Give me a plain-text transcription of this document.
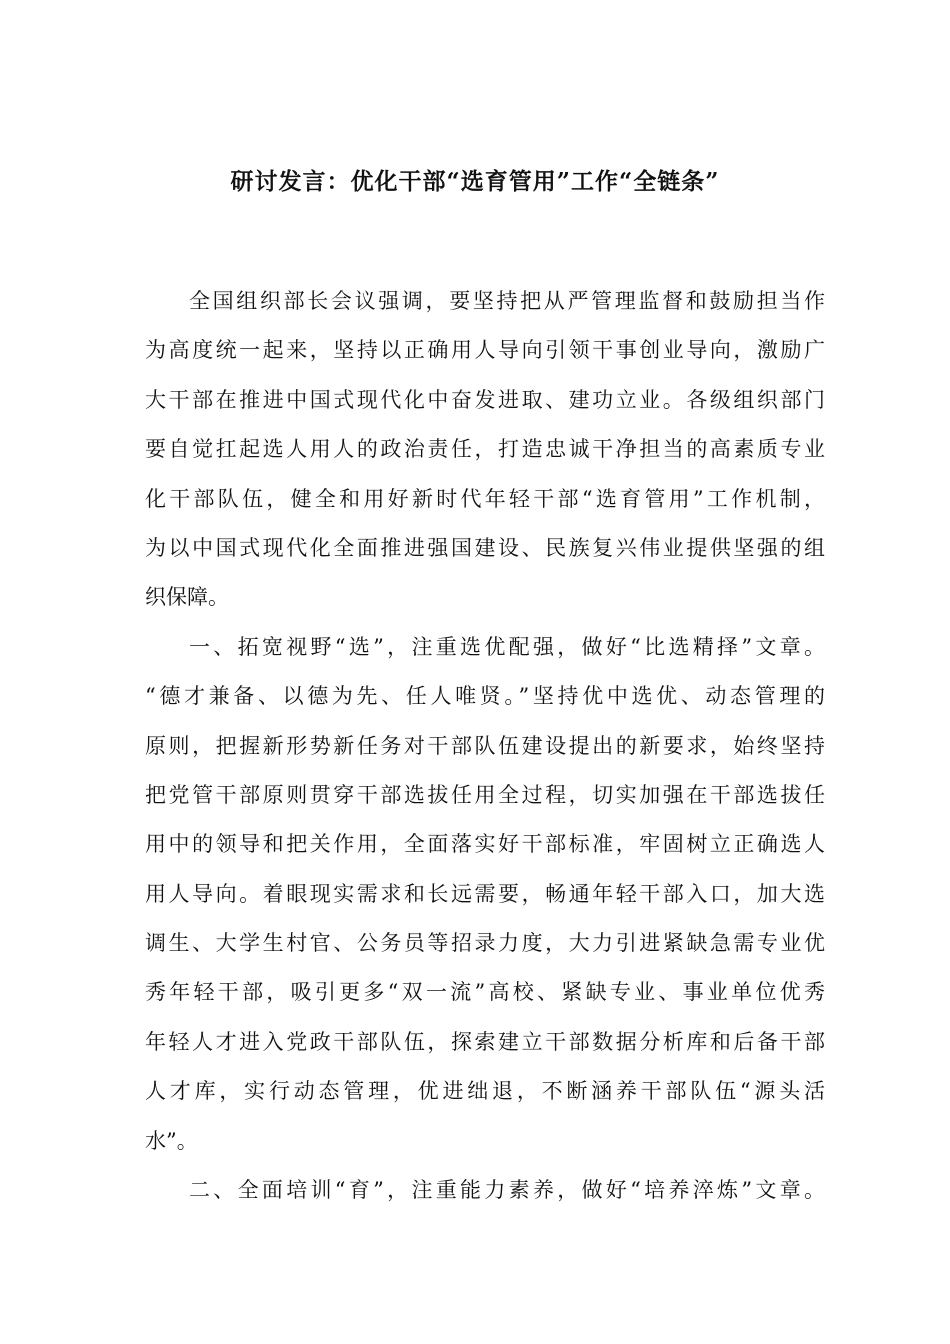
研讨发言：优化干部“选育管用”工作“全链条”
全国组织部长会议强调，要坚持把从严管理监督和鼓励担当作
为高度统一起来，坚持以正确用人导向引领干事创业导向，激励广
大干部在推进中国式现代化中奋发进取、建功立业。各级组织部门
要自觉扛起选人用人的政治责任，打造忠诚干净担当的高素质专业
化干部队伍，健全和用好新时代年轻干部“选育管用”工作机制，
为以中国式现代化全面推进强国建设、民族复兴伟业提供坚强的组
织保障。
一、拓宽视野“选”，注重选优配强，做好“比选精择”文章。
“德才兼备、以德为先、任人唯贤。”坚持优中选优、动态管理的
原则，把握新形势新任务对干部队伍建设提出的新要求，始终坚持
把党管干部原则贯穿干部选拔任用全过程，切实加强在干部选拔任
用中的领导和把关作用，全面落实好干部标准，牢固树立正确选人
用人导向。着眼现实需求和长远需要，畅通年轻干部入口，加大选
调生、大学生村官、公务员等招录力度，大力引进紧缺急需专业优
秀年轻干部，吸引更多“双一流”高校、紧缺专业、事业单位优秀
年轻人才进入党政干部队伍，探索建立干部数据分析库和后备干部
人才库，实行动态管理，优进绌退，不断涵养干部队伍“源头活
水”。
二、全面培训“育”，注重能力素养，做好“培养淬炼”文章。
